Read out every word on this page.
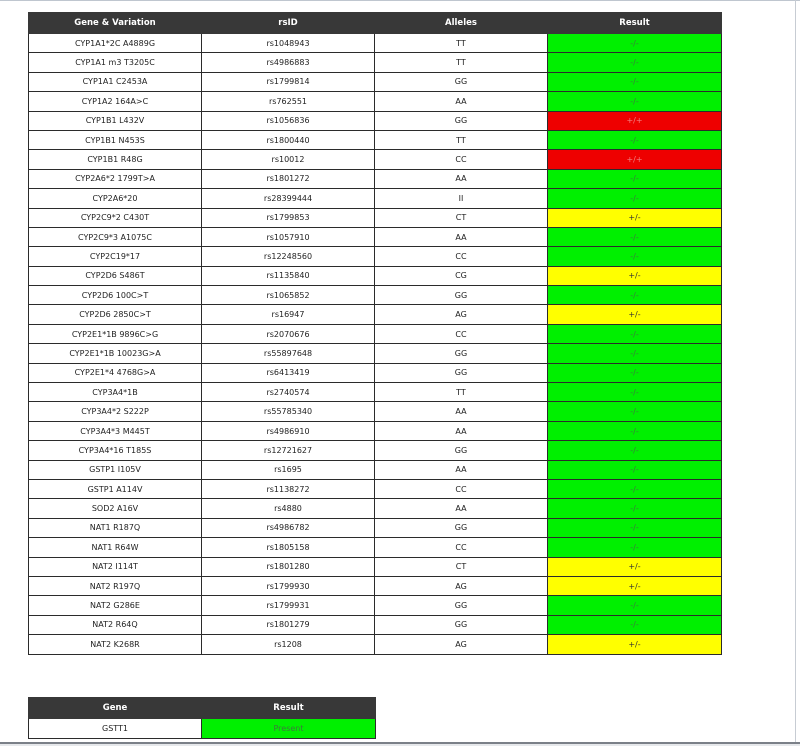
Gene & Variation	rsID	Alleles	Result
CYP1A1*2C A4889G	rs1048943	TT	-/-
CYP1A1 m3 T3205C	rs4986883	TT	-/-
CYP1A1 C2453A	rs1799814	GG	-/-
CYP1A2 164A>C	rs762551	AA	-/-
CYP1B1 L432V	rs1056836	GG	+/+
CYP1B1 N453S	rs1800440	TT	-/-
CYP1B1 R48G	rs10012	CC	+/+
CYP2A6*2 1799T>A	rs1801272	AA	-/-
CYP2A6*20	rs28399444	II	-/-
CYP2C9*2 C430T	rs1799853	CT	+/-
CYP2C9*3 A1075C	rs1057910	AA	-/-
CYP2C19*17	rs12248560	CC	-/-
CYP2D6 S486T	rs1135840	CG	+/-
CYP2D6 100C>T	rs1065852	GG	-/-
CYP2D6 2850C>T	rs16947	AG	+/-
CYP2E1*1B 9896C>G	rs2070676	CC	-/-
CYP2E1*1B 10023G>A	rs55897648	GG	-/-
CYP2E1*4 4768G>A	rs6413419	GG	-/-
CYP3A4*1B	rs2740574	TT	-/-
CYP3A4*2 S222P	rs55785340	AA	-/-
CYP3A4*3 M445T	rs4986910	AA	-/-
CYP3A4*16 T185S	rs12721627	GG	-/-
GSTP1 I105V	rs1695	AA	-/-
GSTP1 A114V	rs1138272	CC	-/-
SOD2 A16V	rs4880	AA	-/-
NAT1 R187Q	rs4986782	GG	-/-
NAT1 R64W	rs1805158	CC	-/-
NAT2 I114T	rs1801280	CT	+/-
NAT2 R197Q	rs1799930	AG	+/-
NAT2 G286E	rs1799931	GG	-/-
NAT2 R64Q	rs1801279	GG	-/-
NAT2 K268R	rs1208	AG	+/-
Gene	Result
GSTT1	Present
